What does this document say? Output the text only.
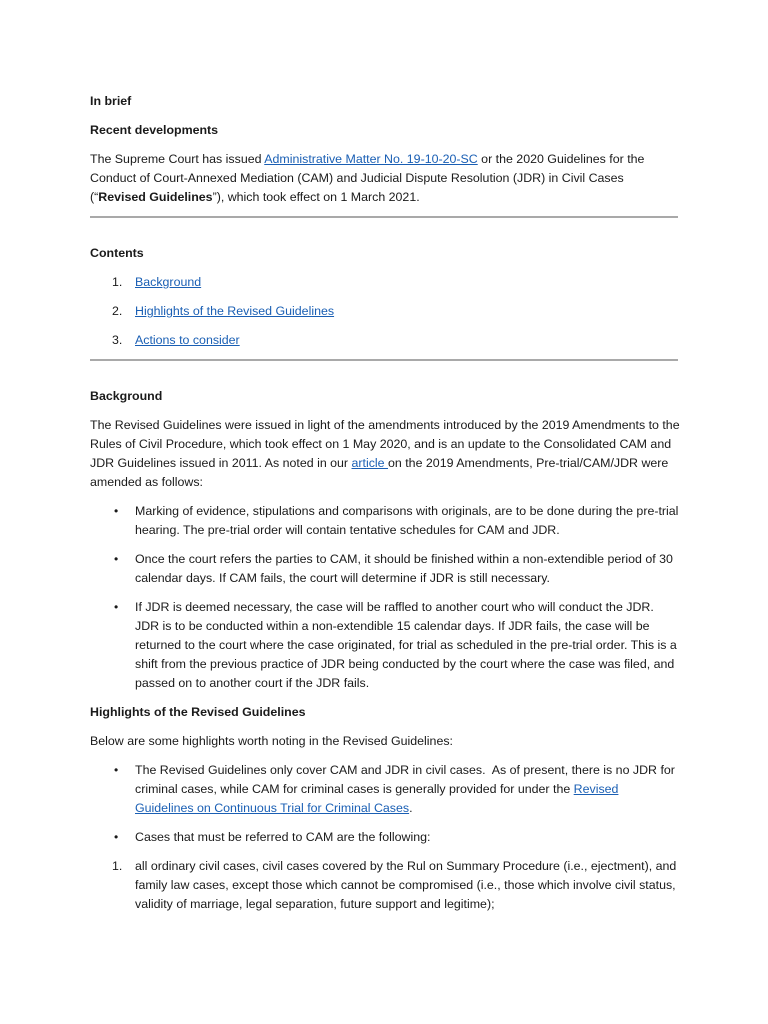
In brief

Recent developments

The Supreme Court has issued Administrative Matter No. 19-10-20-SC or the 2020 Guidelines for the Conduct of Court-Annexed Mediation (CAM) and Judicial Dispute Resolution (JDR) in Civil Cases (“Revised Guidelines”), which took effect on 1 March 2021.

Contents

1. Background
2. Highlights of the Revised Guidelines
3. Actions to consider

Background

The Revised Guidelines were issued in light of the amendments introduced by the 2019 Amendments to the Rules of Civil Procedure, which took effect on 1 May 2020, and is an update to the Consolidated CAM and JDR Guidelines issued in 2011. As noted in our article on the 2019 Amendments, Pre-trial/CAM/JDR were amended as follows:

• Marking of evidence, stipulations and comparisons with originals, are to be done during the pre-trial hearing. The pre-trial order will contain tentative schedules for CAM and JDR.
• Once the court refers the parties to CAM, it should be finished within a non-extendible period of 30 calendar days. If CAM fails, the court will determine if JDR is still necessary.
• If JDR is deemed necessary, the case will be raffled to another court who will conduct the JDR. JDR is to be conducted within a non-extendible 15 calendar days. If JDR fails, the case will be returned to the court where the case originated, for trial as scheduled in the pre-trial order. This is a shift from the previous practice of JDR being conducted by the court where the case was filed, and passed on to another court if the JDR fails.

Highlights of the Revised Guidelines

Below are some highlights worth noting in the Revised Guidelines:

• The Revised Guidelines only cover CAM and JDR in civil cases.  As of present, there is no JDR for criminal cases, while CAM for criminal cases is generally provided for under the Revised Guidelines on Continuous Trial for Criminal Cases.
• Cases that must be referred to CAM are the following:
1. all ordinary civil cases, civil cases covered by the Rul on Summary Procedure (i.e., ejectment), and family law cases, except those which cannot be compromised (i.e., those which involve civil status, validity of marriage, legal separation, future support and legitime);
